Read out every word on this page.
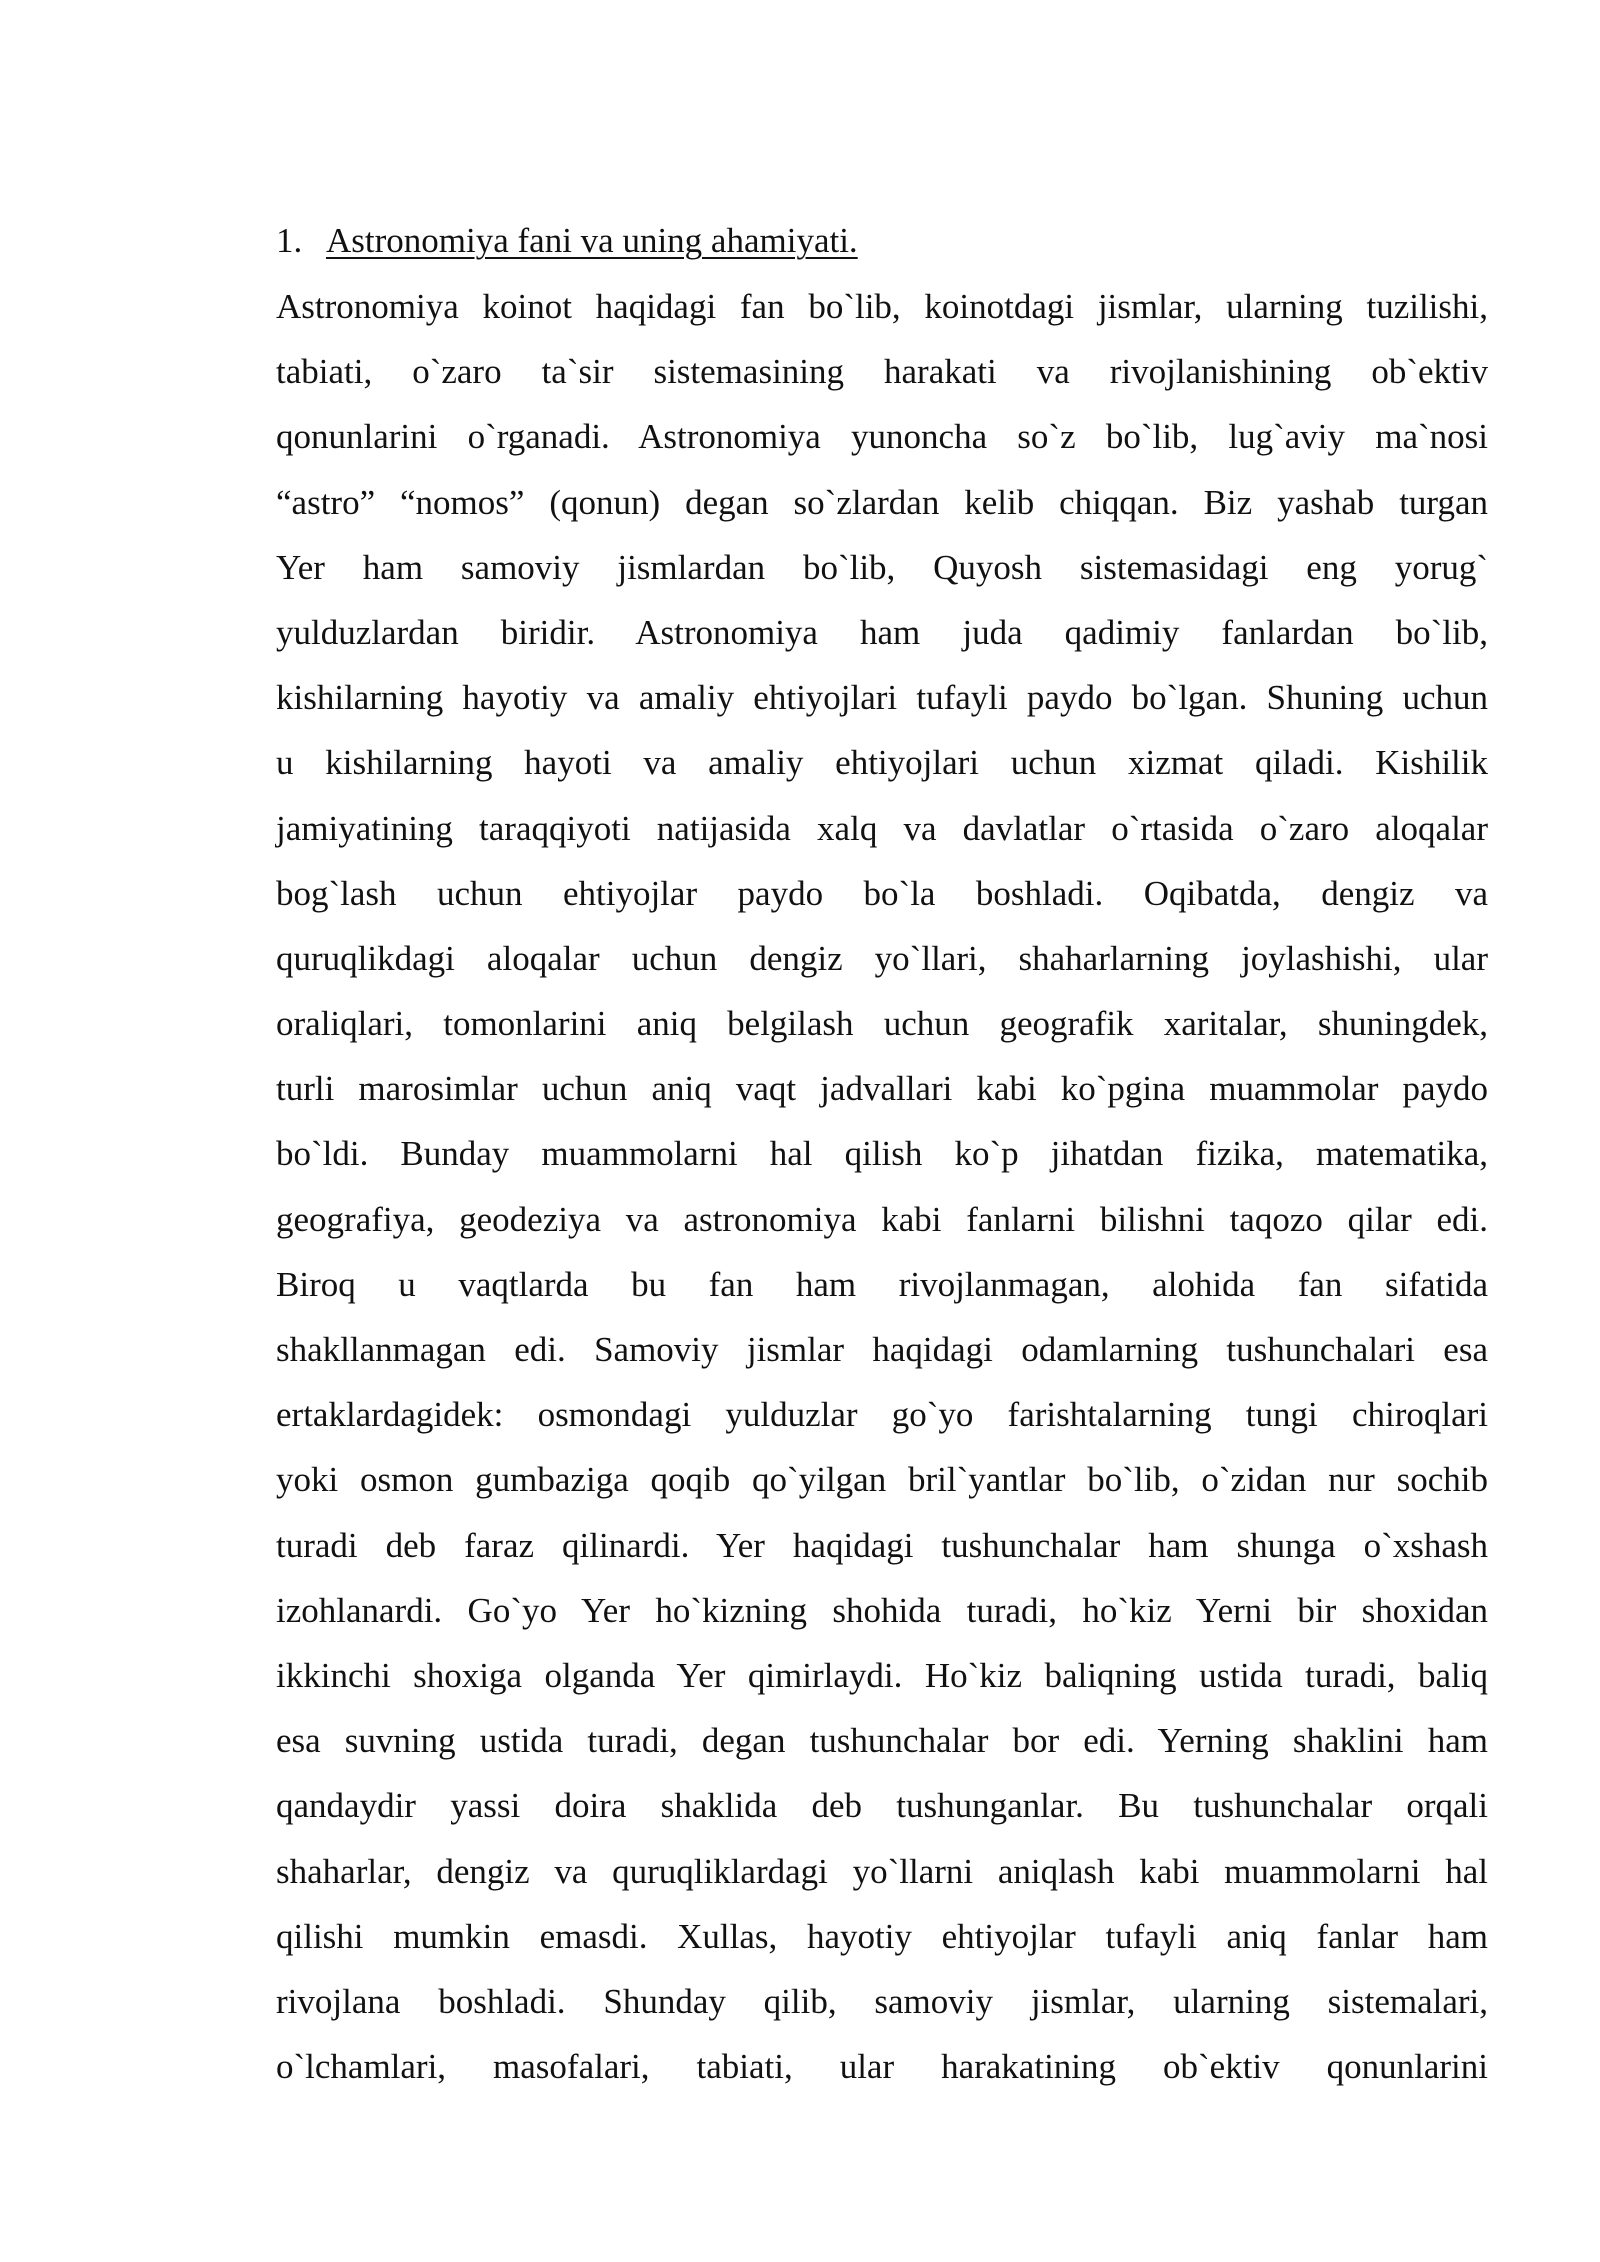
1. Astronomiya fani va uning ahamiyati.
Astronomiya koinot haqidagi fan bo`lib, koinotdagi jismlar, ularning tuzilishi,
tabiati, o`zaro ta`sir sistemasining harakati va rivojlanishining ob`ektiv
qonunlarini o`rganadi. Astronomiya yunoncha so`z bo`lib, lug`aviy ma`nosi
“astro” “nomos” (qonun) degan so`zlardan kelib chiqqan. Biz yashab turgan
Yer ham samoviy jismlardan bo`lib, Quyosh sistemasidagi eng yorug`
yulduzlardan biridir. Astronomiya ham juda qadimiy fanlardan bo`lib,
kishilarning hayotiy va amaliy ehtiyojlari tufayli paydo bo`lgan. Shuning uchun
u kishilarning hayoti va amaliy ehtiyojlari uchun xizmat qiladi. Kishilik
jamiyatining taraqqiyoti natijasida xalq va davlatlar o`rtasida o`zaro aloqalar
bog`lash uchun ehtiyojlar paydo bo`la boshladi. Oqibatda, dengiz va
quruqlikdagi aloqalar uchun dengiz yo`llari, shaharlarning joylashishi, ular
oraliqlari, tomonlarini aniq belgilash uchun geografik xaritalar, shuningdek,
turli marosimlar uchun aniq vaqt jadvallari kabi ko`pgina muammolar paydo
bo`ldi. Bunday muammolarni hal qilish ko`p jihatdan fizika, matematika,
geografiya, geodeziya va astronomiya kabi fanlarni bilishni taqozo qilar edi.
Biroq u vaqtlarda bu fan ham rivojlanmagan, alohida fan sifatida
shakllanmagan edi. Samoviy jismlar haqidagi odamlarning tushunchalari esa
ertaklardagidek: osmondagi yulduzlar go`yo farishtalarning tungi chiroqlari
yoki osmon gumbaziga qoqib qo`yilgan bril`yantlar bo`lib, o`zidan nur sochib
turadi deb faraz qilinardi. Yer haqidagi tushunchalar ham shunga o`xshash
izohlanardi. Go`yo Yer ho`kizning shohida turadi, ho`kiz Yerni bir shoxidan
ikkinchi shoxiga olganda Yer qimirlaydi. Ho`kiz baliqning ustida turadi, baliq
esa suvning ustida turadi, degan tushunchalar bor edi. Yerning shaklini ham
qandaydir yassi doira shaklida deb tushunganlar. Bu tushunchalar orqali
shaharlar, dengiz va quruqliklardagi yo`llarni aniqlash kabi muammolarni hal
qilishi mumkin emasdi. Xullas, hayotiy ehtiyojlar tufayli aniq fanlar ham
rivojlana boshladi. Shunday qilib, samoviy jismlar, ularning sistemalari,
o`lchamlari, masofalari, tabiati, ular harakatining ob`ektiv qonunlarini
